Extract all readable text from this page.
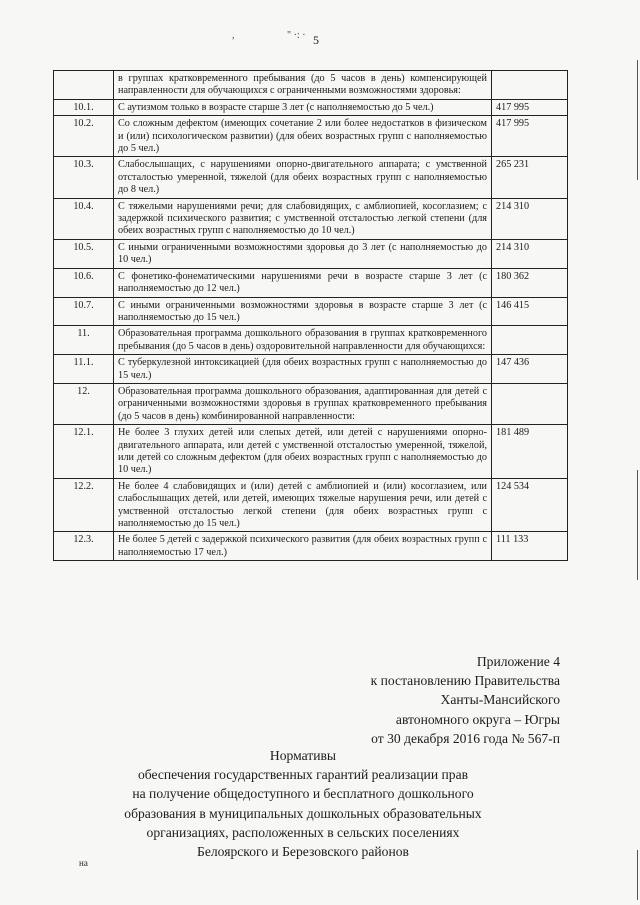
,	" ·: · 5
	в группах кратковременного пребывания (до 5 часов в день) компенсирующей направленности для обучающихся с ограниченными возможностями здоровья:	
10.1.	С аутизмом только в возрасте старше 3 лет (с наполняемостью до 5 чел.)	417 995
10.2.	Со сложным дефектом (имеющих сочетание 2 или более недостатков в физическом и (или) психологическом развитии) (для обеих возрастных групп с наполняемостью до 5 чел.)	417 995
10.3.	Слабослышащих, с нарушениями опорно-двигательного аппарата; с умственной отсталостью умеренной, тяжелой (для обеих возрастных групп с наполняемостью до 8 чел.)	265 231
10.4.	С тяжелыми нарушениями речи; для слабовидящих, с амблиопией, косоглазием; с задержкой психического развития; с умственной отсталостью легкой степени (для обеих возрастных групп с наполняемостью до 10 чел.)	214 310
10.5.	С иными ограниченными возможностями здоровья до 3 лет (с наполняемостью до 10 чел.)	214 310
10.6.	С фонетико-фонематическими нарушениями речи в возрасте старше 3 лет (с наполняемостью до 12 чел.)	180 362
10.7.	С иными ограниченными возможностями здоровья в возрасте старше 3 лет (с наполняемостью до 15 чел.)	146 415
11.	Образовательная программа дошкольного образования в группах кратковременного пребывания (до 5 часов в день) оздоровительной направленности для обучающихся:	
11.1.	С туберкулезной интоксикацией (для обеих возрастных групп с наполняемостью до 15 чел.)	147 436
12.	Образовательная программа дошкольного образования, адаптированная для детей с ограниченными возможностями здоровья в группах кратковременного пребывания (до 5 часов в день) комбинированной направленности:	
12.1.	Не более 3 глухих детей или слепых детей, или детей с нарушениями опорно-двигательного аппарата, или детей с умственной отсталостью умеренной, тяжелой, или детей со сложным дефектом (для обеих возрастных групп с наполняемостью до 10 чел.)	181 489
12.2.	Не более 4 слабовидящих и (или) детей с амблиопией и (или) косоглазием, или слабослышащих детей, или детей, имеющих тяжелые нарушения речи, или детей с умственной отсталостью легкой степени (для обеих возрастных групп с наполняемостью до 15 чел.)	124 534
12.3.	Не более 5 детей с задержкой психического развития (для обеих возрастных групп с наполняемостью 17 чел.)	111 133
Приложение 4
к постановлению Правительства
Ханты-Мансийского
автономного округа – Югры
от 30 декабря 2016 года № 567-п
Нормативы
обеспечения государственных гарантий реализации прав
на получение общедоступного и бесплатного дошкольного
образования в муниципальных дошкольных образовательных
организациях, расположенных в сельских поселениях
Белоярского и Березовского районов
на
